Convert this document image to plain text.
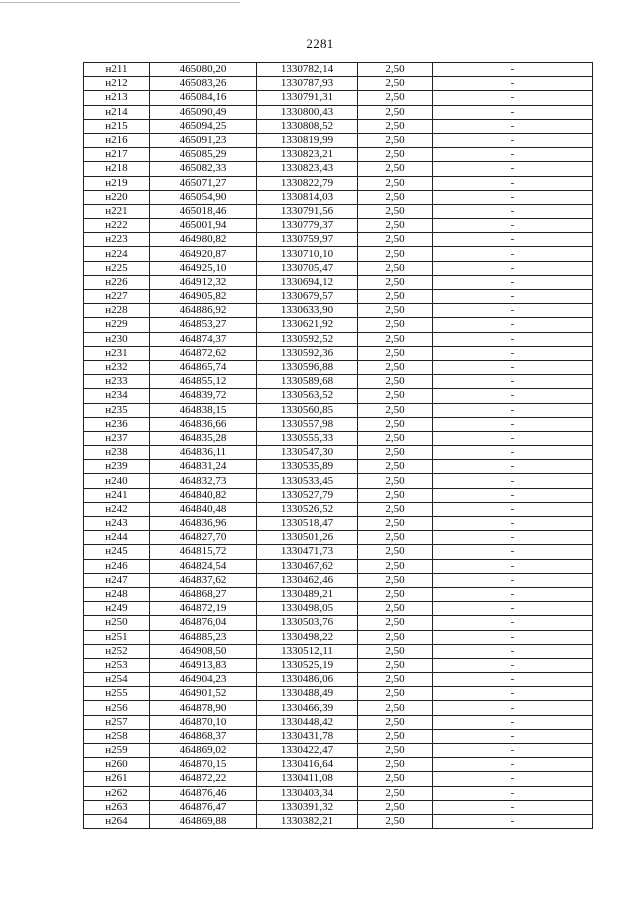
2281
н211	465080,20	1330782,14	2,50	-
н212	465083,26	1330787,93	2,50	-
н213	465084,16	1330791,31	2,50	-
н214	465090,49	1330800,43	2,50	-
н215	465094,25	1330808,52	2,50	-
н216	465091,23	1330819,99	2,50	-
н217	465085,29	1330823,21	2,50	-
н218	465082,33	1330823,43	2,50	-
н219	465071,27	1330822,79	2,50	-
н220	465054,90	1330814,03	2,50	-
н221	465018,46	1330791,56	2,50	-
н222	465001,94	1330779,37	2,50	-
н223	464980,82	1330759,97	2,50	-
н224	464920,87	1330710,10	2,50	-
н225	464925,10	1330705,47	2,50	-
н226	464912,32	1330694,12	2,50	-
н227	464905,82	1330679,57	2,50	-
н228	464886,92	1330633,90	2,50	-
н229	464853,27	1330621,92	2,50	-
н230	464874,37	1330592,52	2,50	-
н231	464872,62	1330592,36	2,50	-
н232	464865,74	1330596,88	2,50	-
н233	464855,12	1330589,68	2,50	-
н234	464839,72	1330563,52	2,50	-
н235	464838,15	1330560,85	2,50	-
н236	464836,66	1330557,98	2,50	-
н237	464835,28	1330555,33	2,50	-
н238	464836,11	1330547,30	2,50	-
н239	464831,24	1330535,89	2,50	-
н240	464832,73	1330533,45	2,50	-
н241	464840,82	1330527,79	2,50	-
н242	464840,48	1330526,52	2,50	-
н243	464836,96	1330518,47	2,50	-
н244	464827,70	1330501,26	2,50	-
н245	464815,72	1330471,73	2,50	-
н246	464824,54	1330467,62	2,50	-
н247	464837,62	1330462,46	2,50	-
н248	464868,27	1330489,21	2,50	-
н249	464872,19	1330498,05	2,50	-
н250	464876,04	1330503,76	2,50	-
н251	464885,23	1330498,22	2,50	-
н252	464908,50	1330512,11	2,50	-
н253	464913,83	1330525,19	2,50	-
н254	464904,23	1330486,06	2,50	-
н255	464901,52	1330488,49	2,50	-
н256	464878,90	1330466,39	2,50	-
н257	464870,10	1330448,42	2,50	-
н258	464868,37	1330431,78	2,50	-
н259	464869,02	1330422,47	2,50	-
н260	464870,15	1330416,64	2,50	-
н261	464872,22	1330411,08	2,50	-
н262	464876,46	1330403,34	2,50	-
н263	464876,47	1330391,32	2,50	-
н264	464869,88	1330382,21	2,50	-
